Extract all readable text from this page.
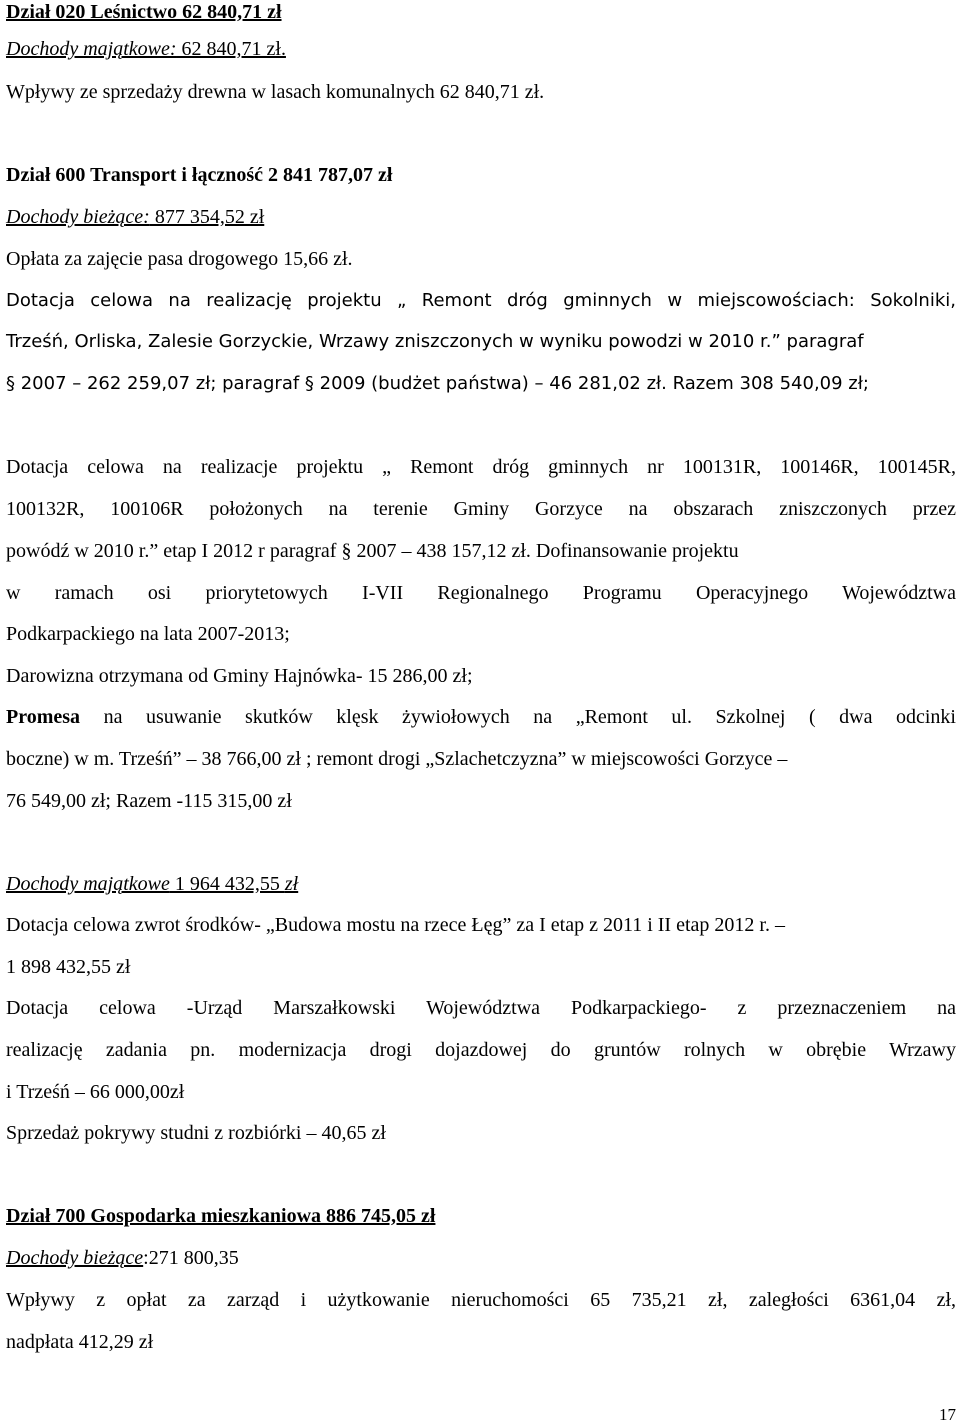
Dział 020 Leśnictwo 62 840,71 zł
Dochody majątkowe: 62 840,71 zł.
Wpływy ze sprzedaży drewna w lasach komunalnych 62 840,71 zł.
Dział 600 Transport i łączność 2 841 787,07 zł
Dochody bieżące: 877 354,52 zł
Opłata za zajęcie pasa drogowego 15,66 zł.
Dotacja celowa na realizację projektu „ Remont dróg gminnych w miejscowościach: Sokolniki,
Trześń, Orliska, Zalesie Gorzyckie, Wrzawy zniszczonych w wyniku powodzi w 2010 r.” paragraf
§ 2007 – 262 259,07 zł; paragraf § 2009 (budżet państwa) – 46 281,02 zł. Razem 308 540,09 zł;
Dotacja celowa na realizacje projektu „ Remont dróg gminnych nr 100131R, 100146R, 100145R,
100132R, 100106R położonych na terenie Gminy Gorzyce na obszarach zniszczonych przez
powódź w 2010 r.” etap I 2012 r paragraf § 2007 – 438 157,12 zł. Dofinansowanie projektu
w ramach osi priorytetowych I-VII Regionalnego Programu Operacyjnego Województwa
Podkarpackiego na lata 2007-2013;
Darowizna otrzymana od Gminy Hajnówka- 15 286,00 zł;
Promesa na usuwanie skutków klęsk żywiołowych na „Remont ul. Szkolnej ( dwa odcinki
boczne) w m. Trześń” – 38 766,00 zł ; remont drogi „Szlachetczyzna” w miejscowości Gorzyce –
76 549,00 zł; Razem -115 315,00 zł
Dochody majątkowe 1 964 432,55 zł
Dotacja celowa zwrot środków- „Budowa mostu na rzece Łęg” za I etap z 2011 i II etap 2012 r. –
1 898 432,55 zł
Dotacja celowa -Urząd Marszałkowski Województwa Podkarpackiego- z przeznaczeniem na
realizację zadania pn. modernizacja drogi dojazdowej do gruntów rolnych w obrębie Wrzawy
i Trześń – 66 000,00zł
Sprzedaż pokrywy studni z rozbiórki – 40,65 zł
Dział 700 Gospodarka mieszkaniowa 886 745,05 zł
Dochody bieżące:271 800,35
Wpływy z opłat za zarząd i użytkowanie nieruchomości 65 735,21 zł, zaległości 6361,04 zł,
nadpłata 412,29 zł
17
